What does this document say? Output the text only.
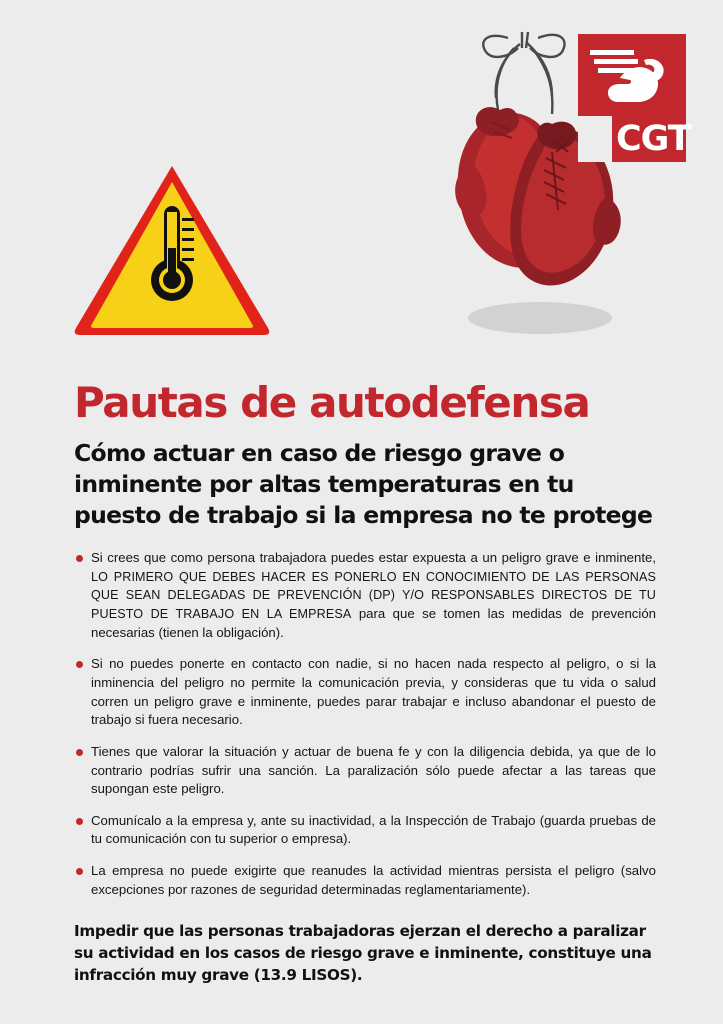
CGT
Pautas de autodefensa
Cómo actuar en caso de riesgo grave o inminente por altas temperaturas en tu puesto de trabajo si la empresa no te protege

Si crees que como persona trabajadora puedes estar expuesta a un peligro grave e inminente, LO PRIMERO QUE DEBES HACER ES PONERLO EN CONOCIMIENTO DE LAS PERSONAS QUE SEAN DELEGADAS DE PREVENCIÓN (DP) Y/O RESPONSABLES DIRECTOS DE TU PUESTO DE TRABAJO EN LA EMPRESA para que se tomen las medidas de prevención necesarias (tienen la obligación).

Si no puedes ponerte en contacto con nadie, si no hacen nada respecto al peligro, o si la inminencia del peligro no permite la comunicación previa, y consideras que tu vida o salud corren un peligro grave e inminente, puedes parar trabajar e incluso abandonar el puesto de trabajo si fuera necesario.

Tienes que valorar la situación y actuar de buena fe y con la diligencia debida, ya que de lo contrario podrías sufrir una sanción. La paralización sólo puede afectar a las tareas que supongan este peligro.

Comunícalo a la empresa y, ante su inactividad, a la Inspección de Trabajo (guarda pruebas de tu comunicación con tu superior o empresa).

La empresa no puede exigirte que reanudes la actividad mientras persista el peligro (salvo excepciones por razones de seguridad determinadas reglamentariamente).

Impedir que las personas trabajadoras ejerzan el derecho a paralizar su actividad en los casos de riesgo grave e inminente, constituye una infracción muy grave (13.9 LISOS).
